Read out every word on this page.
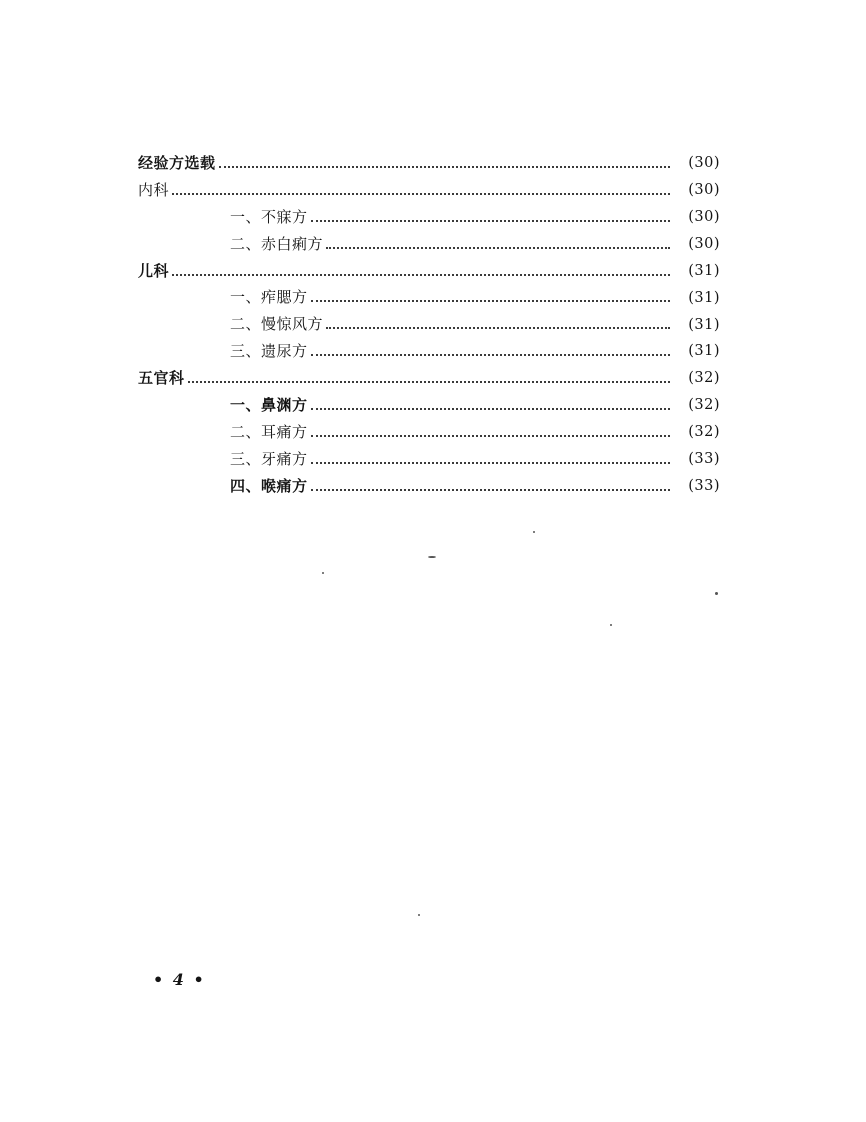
经验方选载	(30)
内科	(30)
一、不寐方	(30)
二、赤白痢方	(30)
儿科	(31)
一、痄腮方	(31)
二、慢惊风方	(31)
三、遗尿方	(31)
五官科	(32)
一、鼻渊方	(32)
二、耳痛方	(32)
三、牙痛方	(33)
四、喉痛方	(33)
• 4 •
